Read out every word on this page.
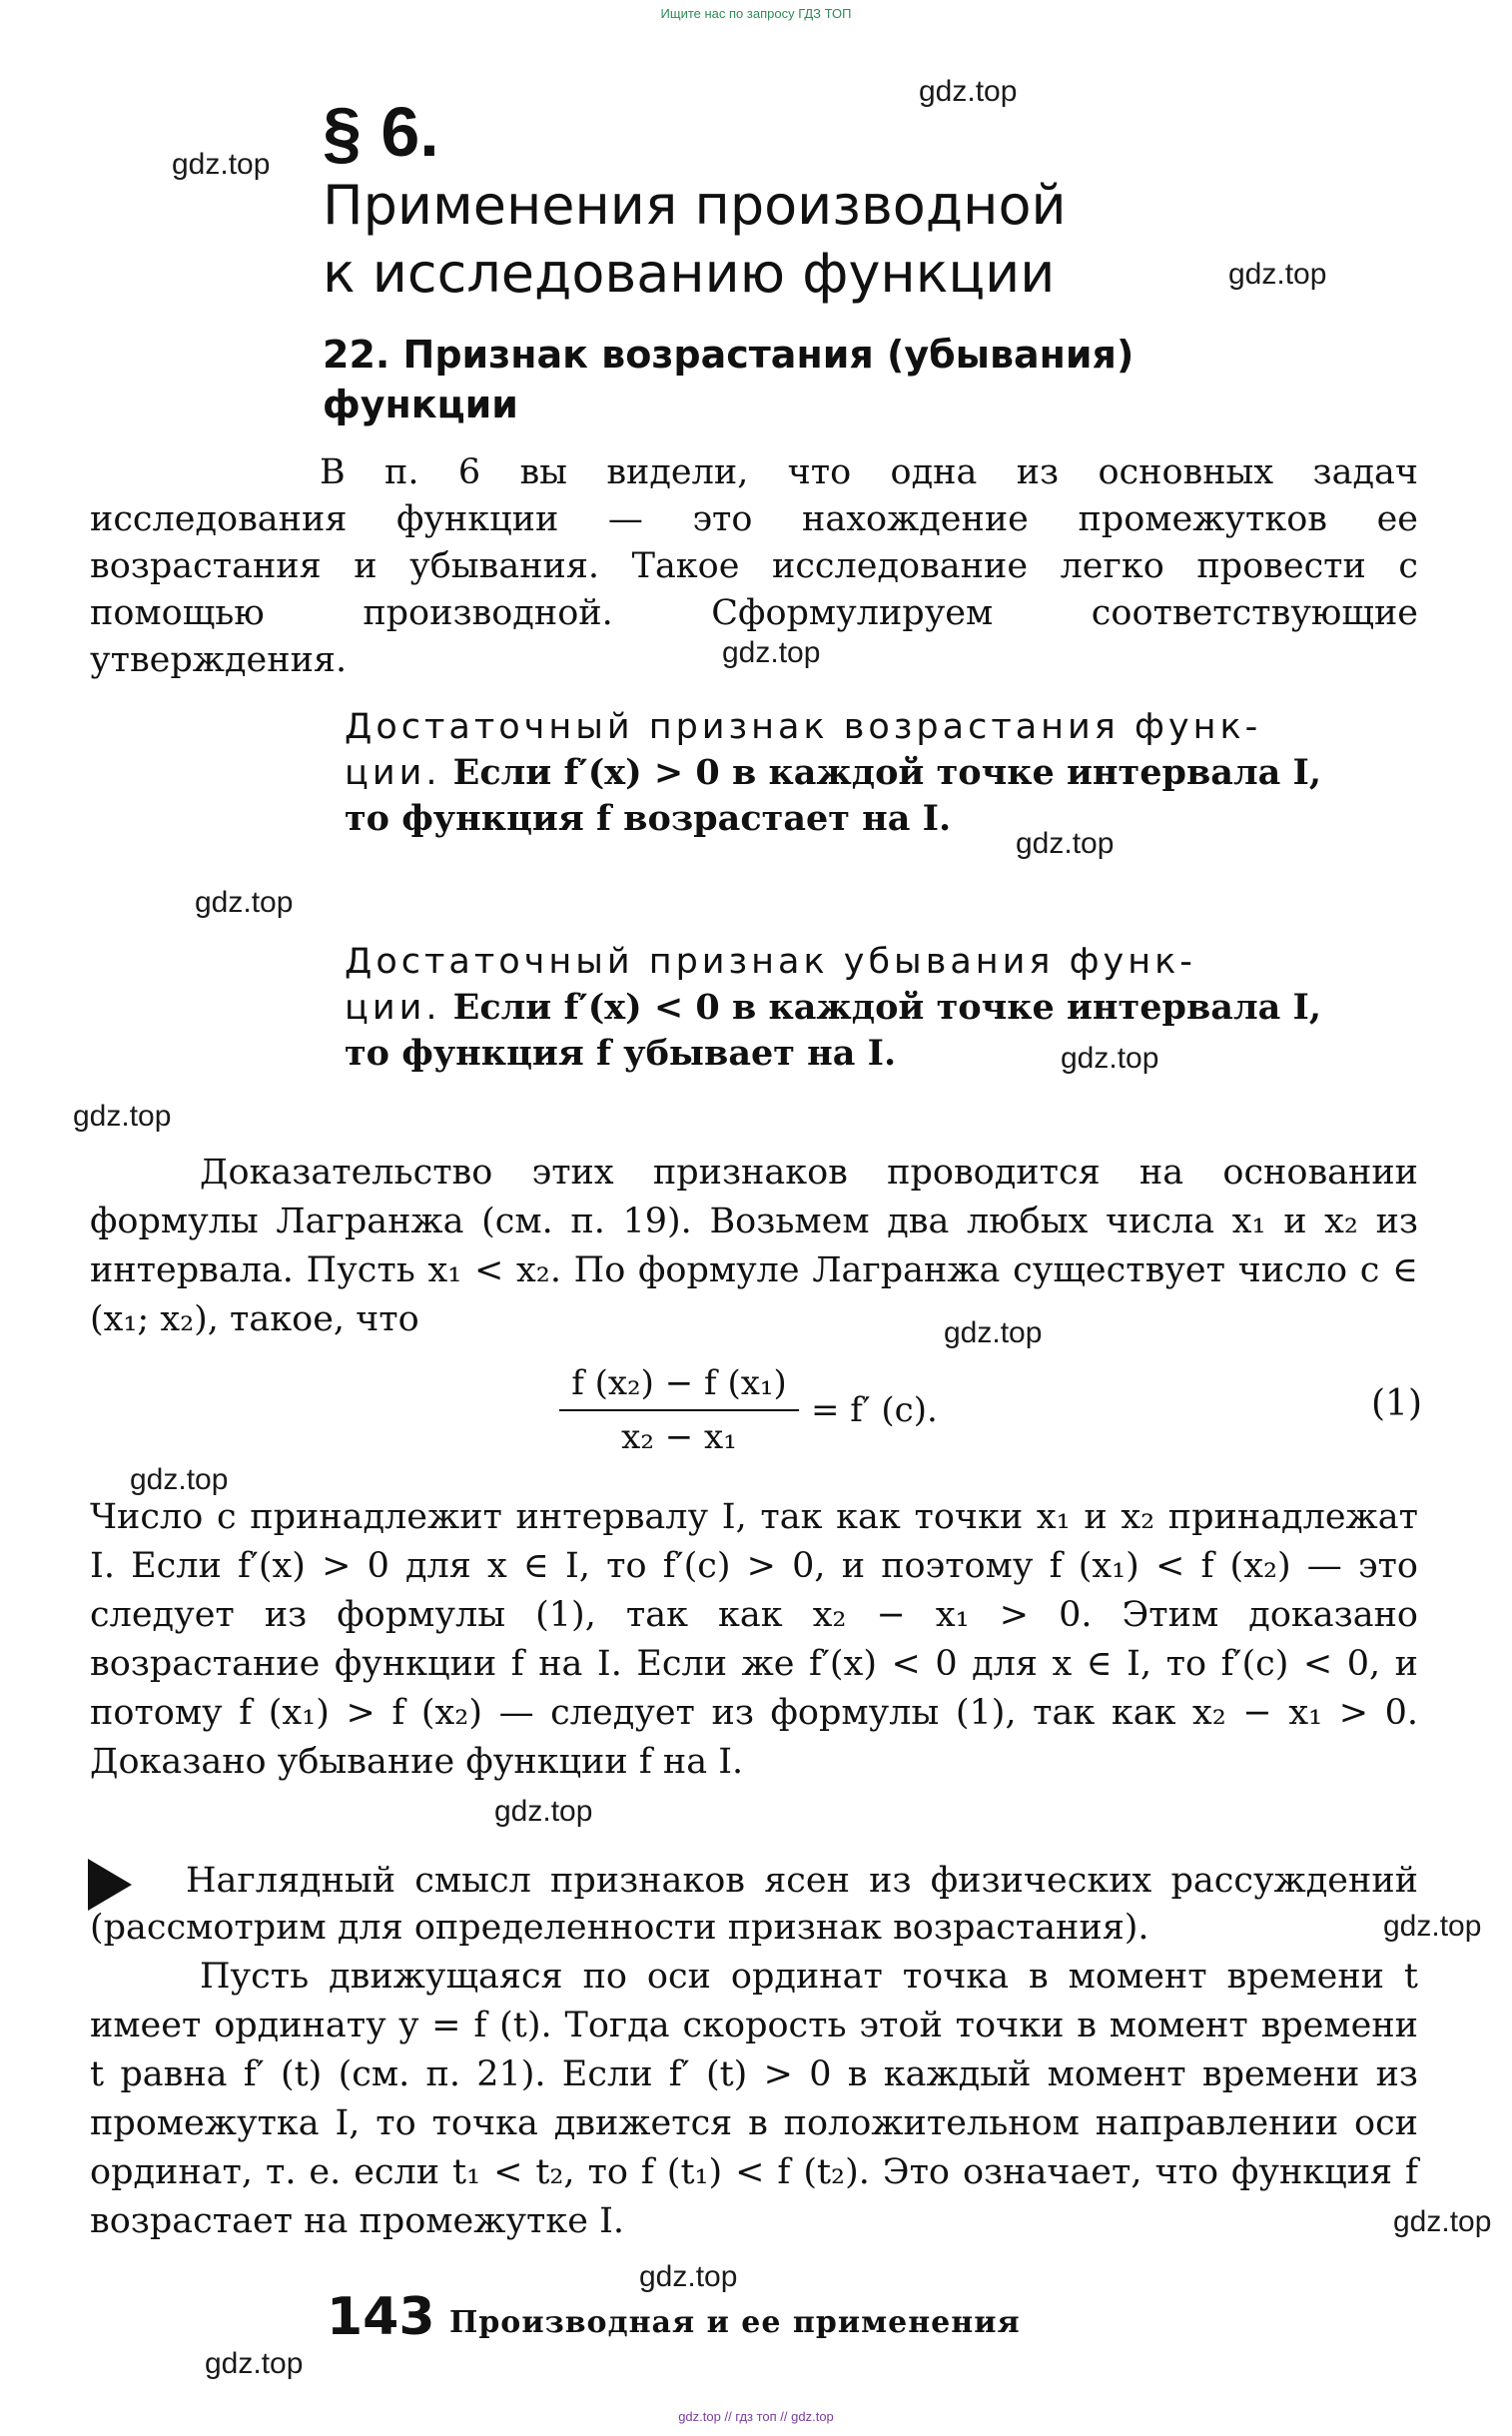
Ищите нас по запросу ГДЗ ТОП
§ 6.
Применения производной
к исследованию функции
22. Признак возрастания (убывания)
функции
В п. 6 вы видели, что одна из основных задач исследования функции — это нахождение промежутков ее возрастания и убывания. Такое исследование легко провести с помощью производной. Сформулируем соответствующие утверждения.
Достаточный признак возрастания функ-
ции. Если f′(x) > 0 в каждой точке интервала I,
то функция f возрастает на I.
Достаточный признак убывания функ-
ции. Если f′(x) < 0 в каждой точке интервала I,
то функция f убывает на I.
Доказательство этих признаков проводится на основании формулы Лагранжа (см. п. 19). Возьмем два любых числа x₁ и x₂ из интервала. Пусть x₁ < x₂. По формуле Лагранжа существует число c ∈ (x₁; x₂), такое, что
f (x₂) − f (x₁)
x₂ − x₁
= f′ (c).	(1)
Число c принадлежит интервалу I, так как точки x₁ и x₂ принадлежат I. Если f′(x) > 0 для x ∈ I, то f′(c) > 0, и поэтому f (x₁) < f (x₂) — это следует из формулы (1), так как x₂ − x₁ > 0. Этим доказано возрастание функции f на I. Если же f′(x) < 0 для x ∈ I, то f′(c) < 0, и потому f (x₁) > f (x₂) — следует из формулы (1), так как x₂ − x₁ > 0. Доказано убывание функции f на I.
Наглядный смысл признаков ясен из физических рассуждений (рассмотрим для определенности признак возрастания).
Пусть движущаяся по оси ординат точка в момент времени t имеет ординату y = f (t). Тогда скорость этой точки в момент времени t равна f′ (t) (см. п. 21). Если f′ (t) > 0 в каждый момент времени из промежутка I, то точка движется в положительном направлении оси ординат, т. е. если t₁ < t₂, то f (t₁) < f (t₂). Это означает, что функция f возрастает на промежутке I.
143 Производная и ее применения
gdz.top
gdz.top
gdz.top
gdz.top
gdz.top
gdz.top
gdz.top
gdz.top
gdz.top
gdz.top
gdz.top
gdz.top
gdz.top
gdz.top
gdz.top
gdz.top // гдз топ // gdz.top
